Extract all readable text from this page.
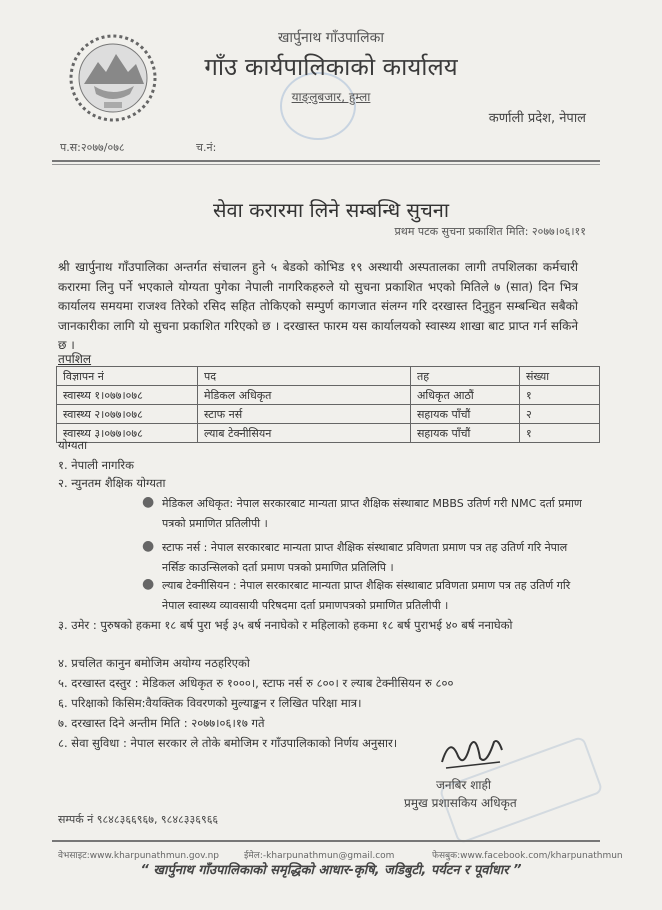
खार्पुनाथ गाँउपालिका
गाँउ कार्यपालिकाको कार्यालय
याङ्‌लुबजार, हुम्ला
कर्णाली प्रदेश, नेपाल
प.स:२०७७/०७८	च.नं:
सेवा करारमा लिने सम्बन्धि सुचना
प्रथम पटक सुचना प्रकाशित मिति: २०७७।०६।११
श्री खार्पुनाथ गाँउपालिका अन्तर्गत संचालन हुने ५ बेडको कोभिड १९ अस्थायी अस्पतालका लागी तपशिलका कर्मचारी करारमा लिनु पर्ने भएकाले योग्यता पुगेका नेपाली नागरिकहरुले यो सुचना प्रकाशित भएको मितिले ७ (सात) दिन भित्र कार्यालय समयमा राजश्व तिरेको रसिद सहित तोकिएको सम्पुर्ण कागजात संलग्न गरि दरखास्त दिनुहुन सम्बन्धित सबैको जानकारीका लागि यो सुचना प्रकाशित गरिएको छ । दरखास्त फारम यस कार्यालयको स्वास्थ्य शाखा बाट प्राप्त गर्न सकिने छ ।
तपशिल
विज्ञापन नं	पद	तह	संख्या
स्वास्थ्य १।०७७।०७८	मेडिकल अधिकृत	अधिकृत आठौं	१
स्वास्थ्य २।०७७।०७८	स्टाफ नर्स	सहायक पाँचौं	२
स्वास्थ्य ३।०७७।०७८	ल्याब टेक्नीसियन	सहायक पाँचौं	१
योग्यता
१. नेपाली नागरिक
२. न्युनतम शैक्षिक योग्यता
● मेडिकल अधिकृत: नेपाल सरकारबाट मान्यता प्राप्त शैक्षिक संस्थाबाट MBBS उतिर्ण गरी NMC दर्ता प्रमाण पत्रको प्रमाणित प्रतिलीपी ।
● स्टाफ नर्स : नेपाल सरकारबाट मान्यता प्राप्त शैक्षिक संस्थाबाट प्रविणता प्रमाण पत्र तह उतिर्ण गरि नेपाल नर्सिङ काउन्सिलको दर्ता प्रमाण पत्रको प्रमाणित प्रतिलिपि ।
● ल्याब टेक्नीसियन : नेपाल सरकारबाट मान्यता प्राप्त शैक्षिक संस्थाबाट प्रविणता प्रमाण पत्र तह उतिर्ण गरि नेपाल स्वास्थ्य व्यावसायी परिषदमा दर्ता प्रमाणपत्रको प्रमाणित प्रतिलीपी ।
३. उमेर : पुरुषको हकमा १८ बर्ष पुरा भई ३५ बर्ष ननाघेको र महिलाको हकमा १८ बर्ष पुराभई ४० बर्ष ननाघेको
४. प्रचलित कानुन बमोजिम अयोग्य नठहरिएको
५. दरखास्त दस्तुर : मेडिकल अधिकृत रु १०००।, स्टाफ नर्स रु ८००। र ल्याब टेक्नीसियन रु ८००
६. परिक्षाको किसिम:वैयक्तिक विवरणको मुल्याङ्कन र लिखित परिक्षा मात्र।
७. दरखास्त दिने अन्तीम मिति : २०७७।०६।१७ गते
८. सेवा सुविधा : नेपाल सरकार ले तोके बमोजिम र गाँउपालिकाको निर्णय अनुसार।
जनबिर शाही
प्रमुख प्रशासकिय अधिकृत
सम्पर्क नं ९८४८३६६९६७, ९८४८३३६९६६
वेभसाइट:www.kharpunathmun.gov.np	ईमेल:-kharpunathmun@gmail.com	फेसबुक:www.facebook.com/kharpunathmun
“ खार्पुनाथ गाँउपालिकाको समृद्धिको आधार-कृषि, जडिबुटी, पर्यटन र पूर्वाधार ”
